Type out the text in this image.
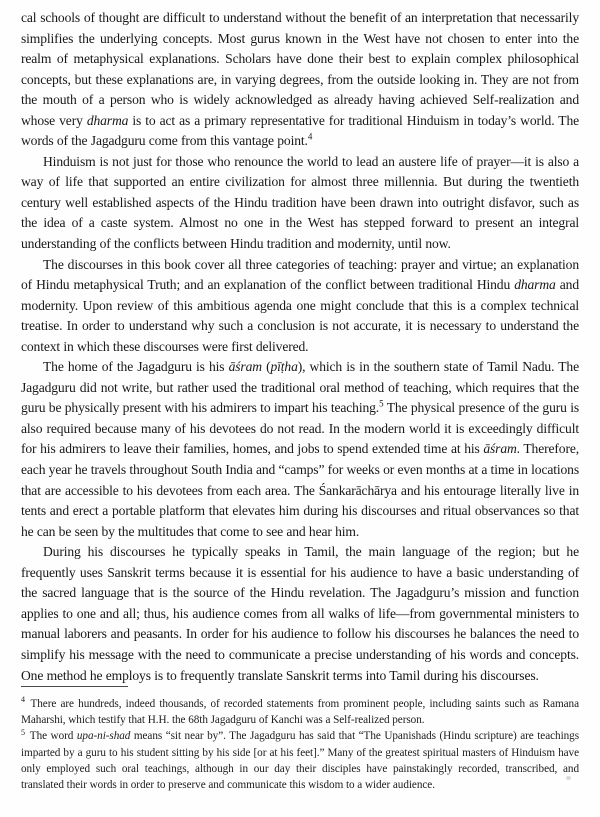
cal schools of thought are difficult to understand without the benefit of an interpretation that necessarily simplifies the underlying concepts. Most gurus known in the West have not chosen to enter into the realm of metaphysical explanations. Scholars have done their best to explain complex philosophical concepts, but these explanations are, in varying degrees, from the outside looking in. They are not from the mouth of a person who is widely acknowledged as already having achieved Self-realization and whose very dharma is to act as a primary representative for traditional Hinduism in today’s world. The words of the Jagadguru come from this vantage point.$^4$

Hinduism is not just for those who renounce the world to lead an austere life of prayer—it is also a way of life that supported an entire civilization for almost three millennia. But during the twentieth century well established aspects of the Hindu tradition have been drawn into outright disfavor, such as the idea of a caste system. Almost no one in the West has stepped forward to present an integral understanding of the conflicts between Hindu tradition and modernity, until now.

The discourses in this book cover all three categories of teaching: prayer and virtue; an explanation of Hindu metaphysical Truth; and an explanation of the conflict between traditional Hindu dharma and modernity. Upon review of this ambitious agenda one might conclude that this is a complex technical treatise. In order to understand why such a conclusion is not accurate, it is necessary to understand the context in which these discourses were first delivered.

The home of the Jagadguru is his āśram (pīṭha), which is in the southern state of Tamil Nadu. The Jagadguru did not write, but rather used the traditional oral method of teaching, which requires that the guru be physically present with his admirers to impart his teaching.$^5$ The physical presence of the guru is also required because many of his devotees do not read. In the modern world it is exceedingly difficult for his admirers to leave their families, homes, and jobs to spend extended time at his āśram. Therefore, each year he travels throughout South India and “camps” for weeks or even months at a time in locations that are accessible to his devotees from each area. The Śankarāchārya and his entourage literally live in tents and erect a portable platform that elevates him during his discourses and ritual observances so that he can be seen by the multitudes that come to see and hear him.

During his discourses he typically speaks in Tamil, the main language of the region; but he frequently uses Sanskrit terms because it is essential for his audience to have a basic understanding of the sacred language that is the source of the Hindu revelation. The Jagadguru’s mission and function applies to one and all; thus, his audience comes from all walks of life—from governmental ministers to manual laborers and peasants. In order for his audience to follow his discourses he balances the need to simplify his message with the need to communicate a precise understanding of his words and concepts. One method he employs is to frequently translate Sanskrit terms into Tamil during his discourses.

$^4$ There are hundreds, indeed thousands, of recorded statements from prominent people, including saints such as Ramana Maharshi, which testify that H.H. the 68th Jagadguru of Kanchi was a Self-realized person.

$^5$ The word upa-ni-shad means “sit near by”. The Jagadguru has said that “The Upanishads (Hindu scripture) are teachings imparted by a guru to his student sitting by his side [or at his feet].” Many of the greatest spiritual masters of Hinduism have only employed such oral teachings, although in our day their disciples have painstakingly recorded, transcribed, and translated their words in order to preserve and communicate this wisdom to a wider audience.
